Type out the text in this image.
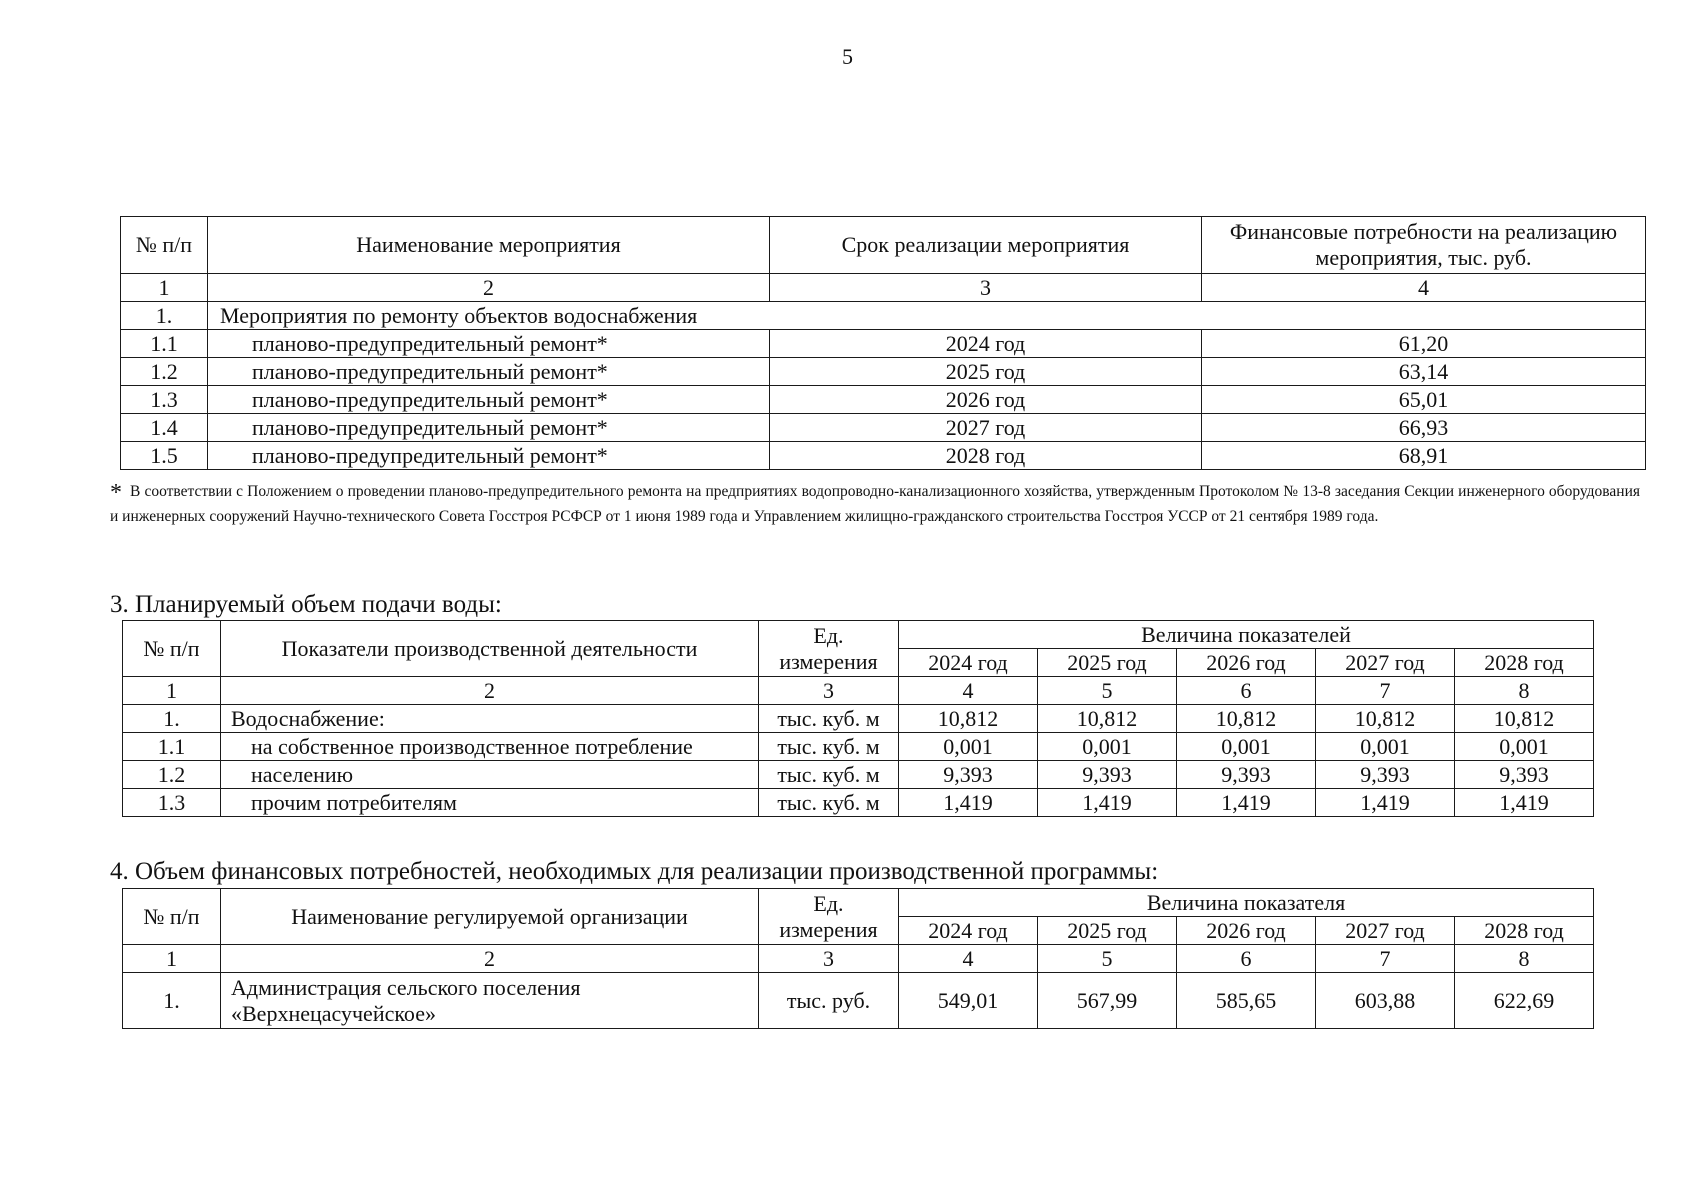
5
№ п/п	Наименование мероприятия	Срок реализации мероприятия	Финансовые потребности на реализацию мероприятия, тыс. руб.
1	2	3	4
1.	Мероприятия по ремонту объектов водоснабжения		
1.1	планово-предупредительный ремонт*	2024 год	61,20
1.2	планово-предупредительный ремонт*	2025 год	63,14
1.3	планово-предупредительный ремонт*	2026 год	65,01
1.4	планово-предупредительный ремонт*	2027 год	66,93
1.5	планово-предупредительный ремонт*	2028 год	68,91
* В соответствии с Положением о проведении планово-предупредительного ремонта на предприятиях водопроводно-канализационного хозяйства, утвержденным Протоколом № 13-8 заседания Секции инженерного оборудования и инженерных сооружений Научно-технического Совета Госстроя РСФСР от 1 июня 1989 года и Управлением жилищно-гражданского строительства Госстроя УССР от 21 сентября 1989 года.
3. Планируемый объем подачи воды:
№ п/п	Показатели производственной деятельности	Ед. измерения	Величина показателей				
			2024 год	2025 год	2026 год	2027 год	2028 год
1	2	3	4	5	6	7	8
1.	Водоснабжение:	тыс. куб. м	10,812	10,812	10,812	10,812	10,812
1.1	на собственное производственное потребление	тыс. куб. м	0,001	0,001	0,001	0,001	0,001
1.2	населению	тыс. куб. м	9,393	9,393	9,393	9,393	9,393
1.3	прочим потребителям	тыс. куб. м	1,419	1,419	1,419	1,419	1,419
4. Объем финансовых потребностей, необходимых для реализации производственной программы:
№ п/п	Наименование регулируемой организации	Ед. измерения	Величина показателя				
			2024 год	2025 год	2026 год	2027 год	2028 год
1	2	3	4	5	6	7	8
1.	Администрация сельского поселения
«Верхнецасучейское»	тыс. руб.	549,01	567,99	585,65	603,88	622,69
